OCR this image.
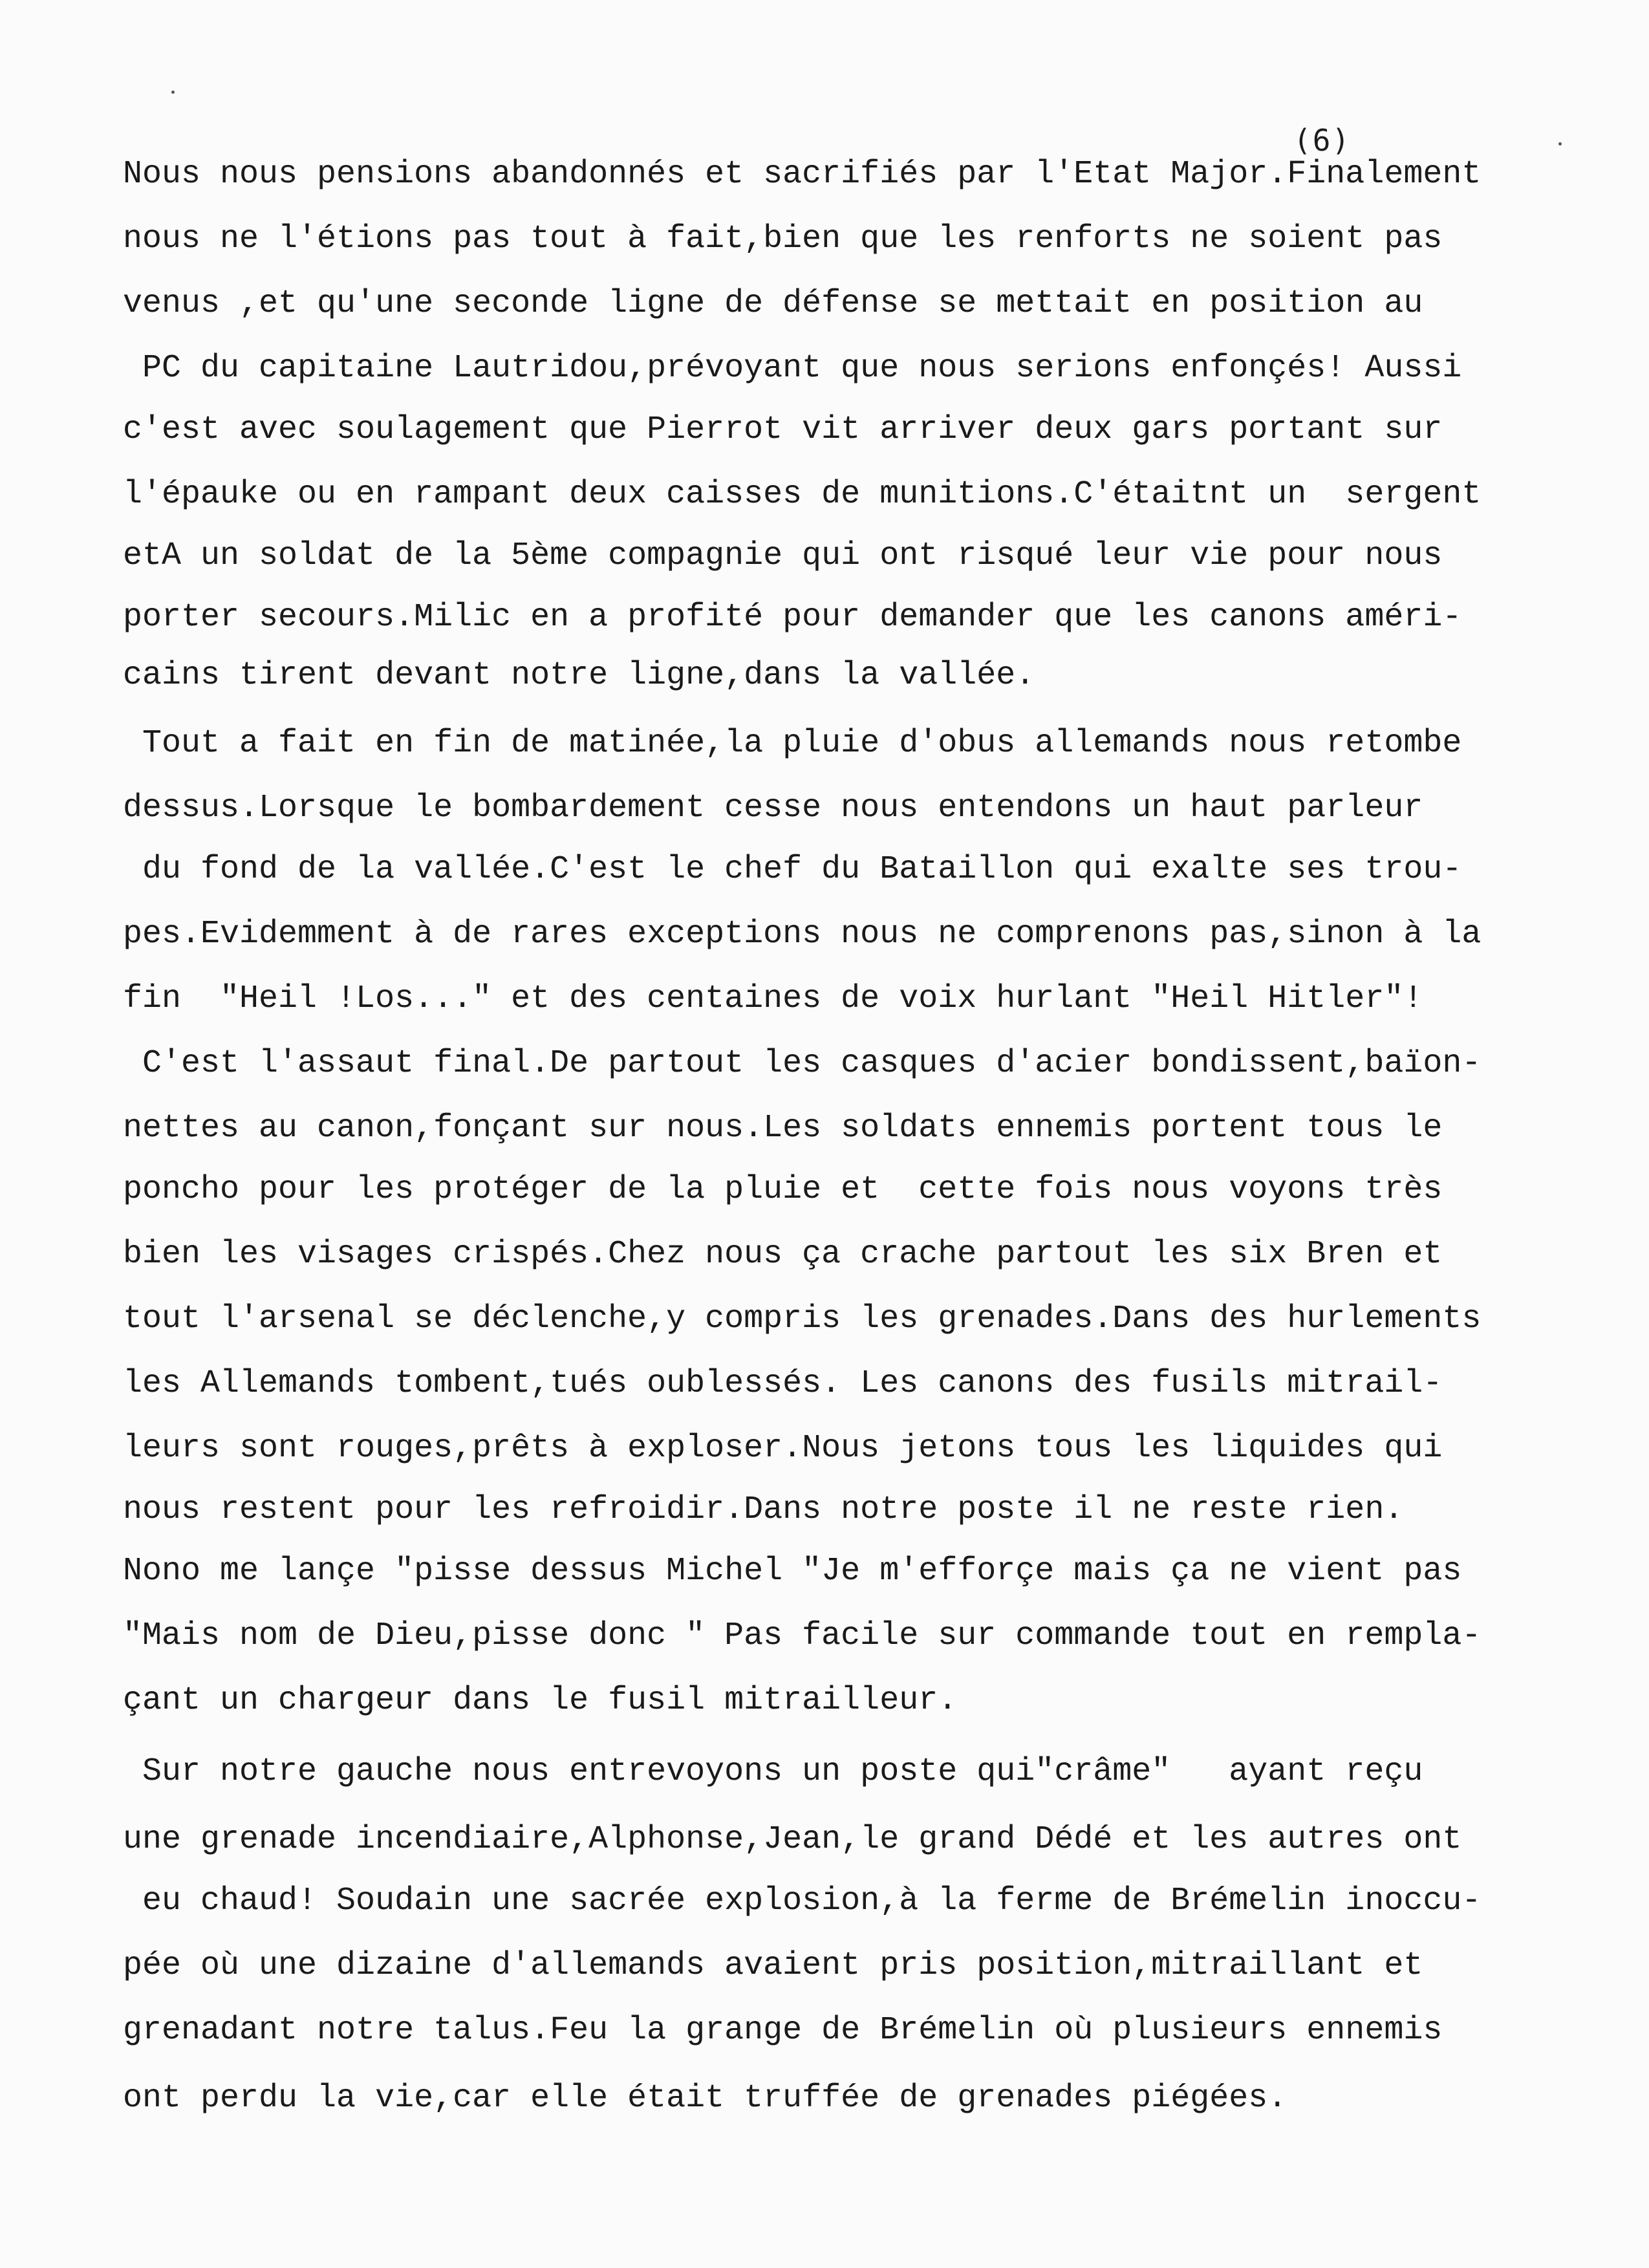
(6)

Nous nous pensions abandonnés et sacrifiés par l'Etat Major.Finalement

nous ne l'étions pas tout à fait,bien que les renforts ne soient pas

venus ,et qu'une seconde ligne de défense se mettait en position au

PC du capitaine Lautridou,prévoyant que nous serions enfonçés! Aussi

c'est avec soulagement que Pierrot vit arriver deux gars portant sur

l'épauke ou en rampant deux caisses de munitions.C'étaitnt un  sergent

etA un soldat de la 5ème compagnie qui ont risqué leur vie pour nous

porter secours.Milic en a profité pour demander que les canons améri-

cains tirent devant notre ligne,dans la vallée.

Tout a fait en fin de matinée,la pluie d'obus allemands nous retombe

dessus.Lorsque le bombardement cesse nous entendons un haut parleur

du fond de la vallée.C'est le chef du Bataillon qui exalte ses trou-

pes.Evidemment à de rares exceptions nous ne comprenons pas,sinon à la

fin  "Heil !Los..." et des centaines de voix hurlant "Heil Hitler"!

C'est l'assaut final.De partout les casques d'acier bondissent,baïon-

nettes au canon,fonçant sur nous.Les soldats ennemis portent tous le

poncho pour les protéger de la pluie et  cette fois nous voyons très

bien les visages crispés.Chez nous ça crache partout les six Bren et

tout l'arsenal se déclenche,y compris les grenades.Dans des hurlements

les Allemands tombent,tués oublessés. Les canons des fusils mitrail-

leurs sont rouges,prêts à exploser.Nous jetons tous les liquides qui

nous restent pour les refroidir.Dans notre poste il ne reste rien.

Nono me lançe "pisse dessus Michel "Je m'efforçe mais ça ne vient pas

"Mais nom de Dieu,pisse donc " Pas facile sur commande tout en rempla-

çant un chargeur dans le fusil mitrailleur.

Sur notre gauche nous entrevoyons un poste qui"crâme"   ayant reçu

une grenade incendiaire,Alphonse,Jean,le grand Dédé et les autres ont

eu chaud! Soudain une sacrée explosion,à la ferme de Brémelin inoccu-

pée où une dizaine d'allemands avaient pris position,mitraillant et

grenadant notre talus.Feu la grange de Brémelin où plusieurs ennemis

ont perdu la vie,car elle était truffée de grenades piégées.
